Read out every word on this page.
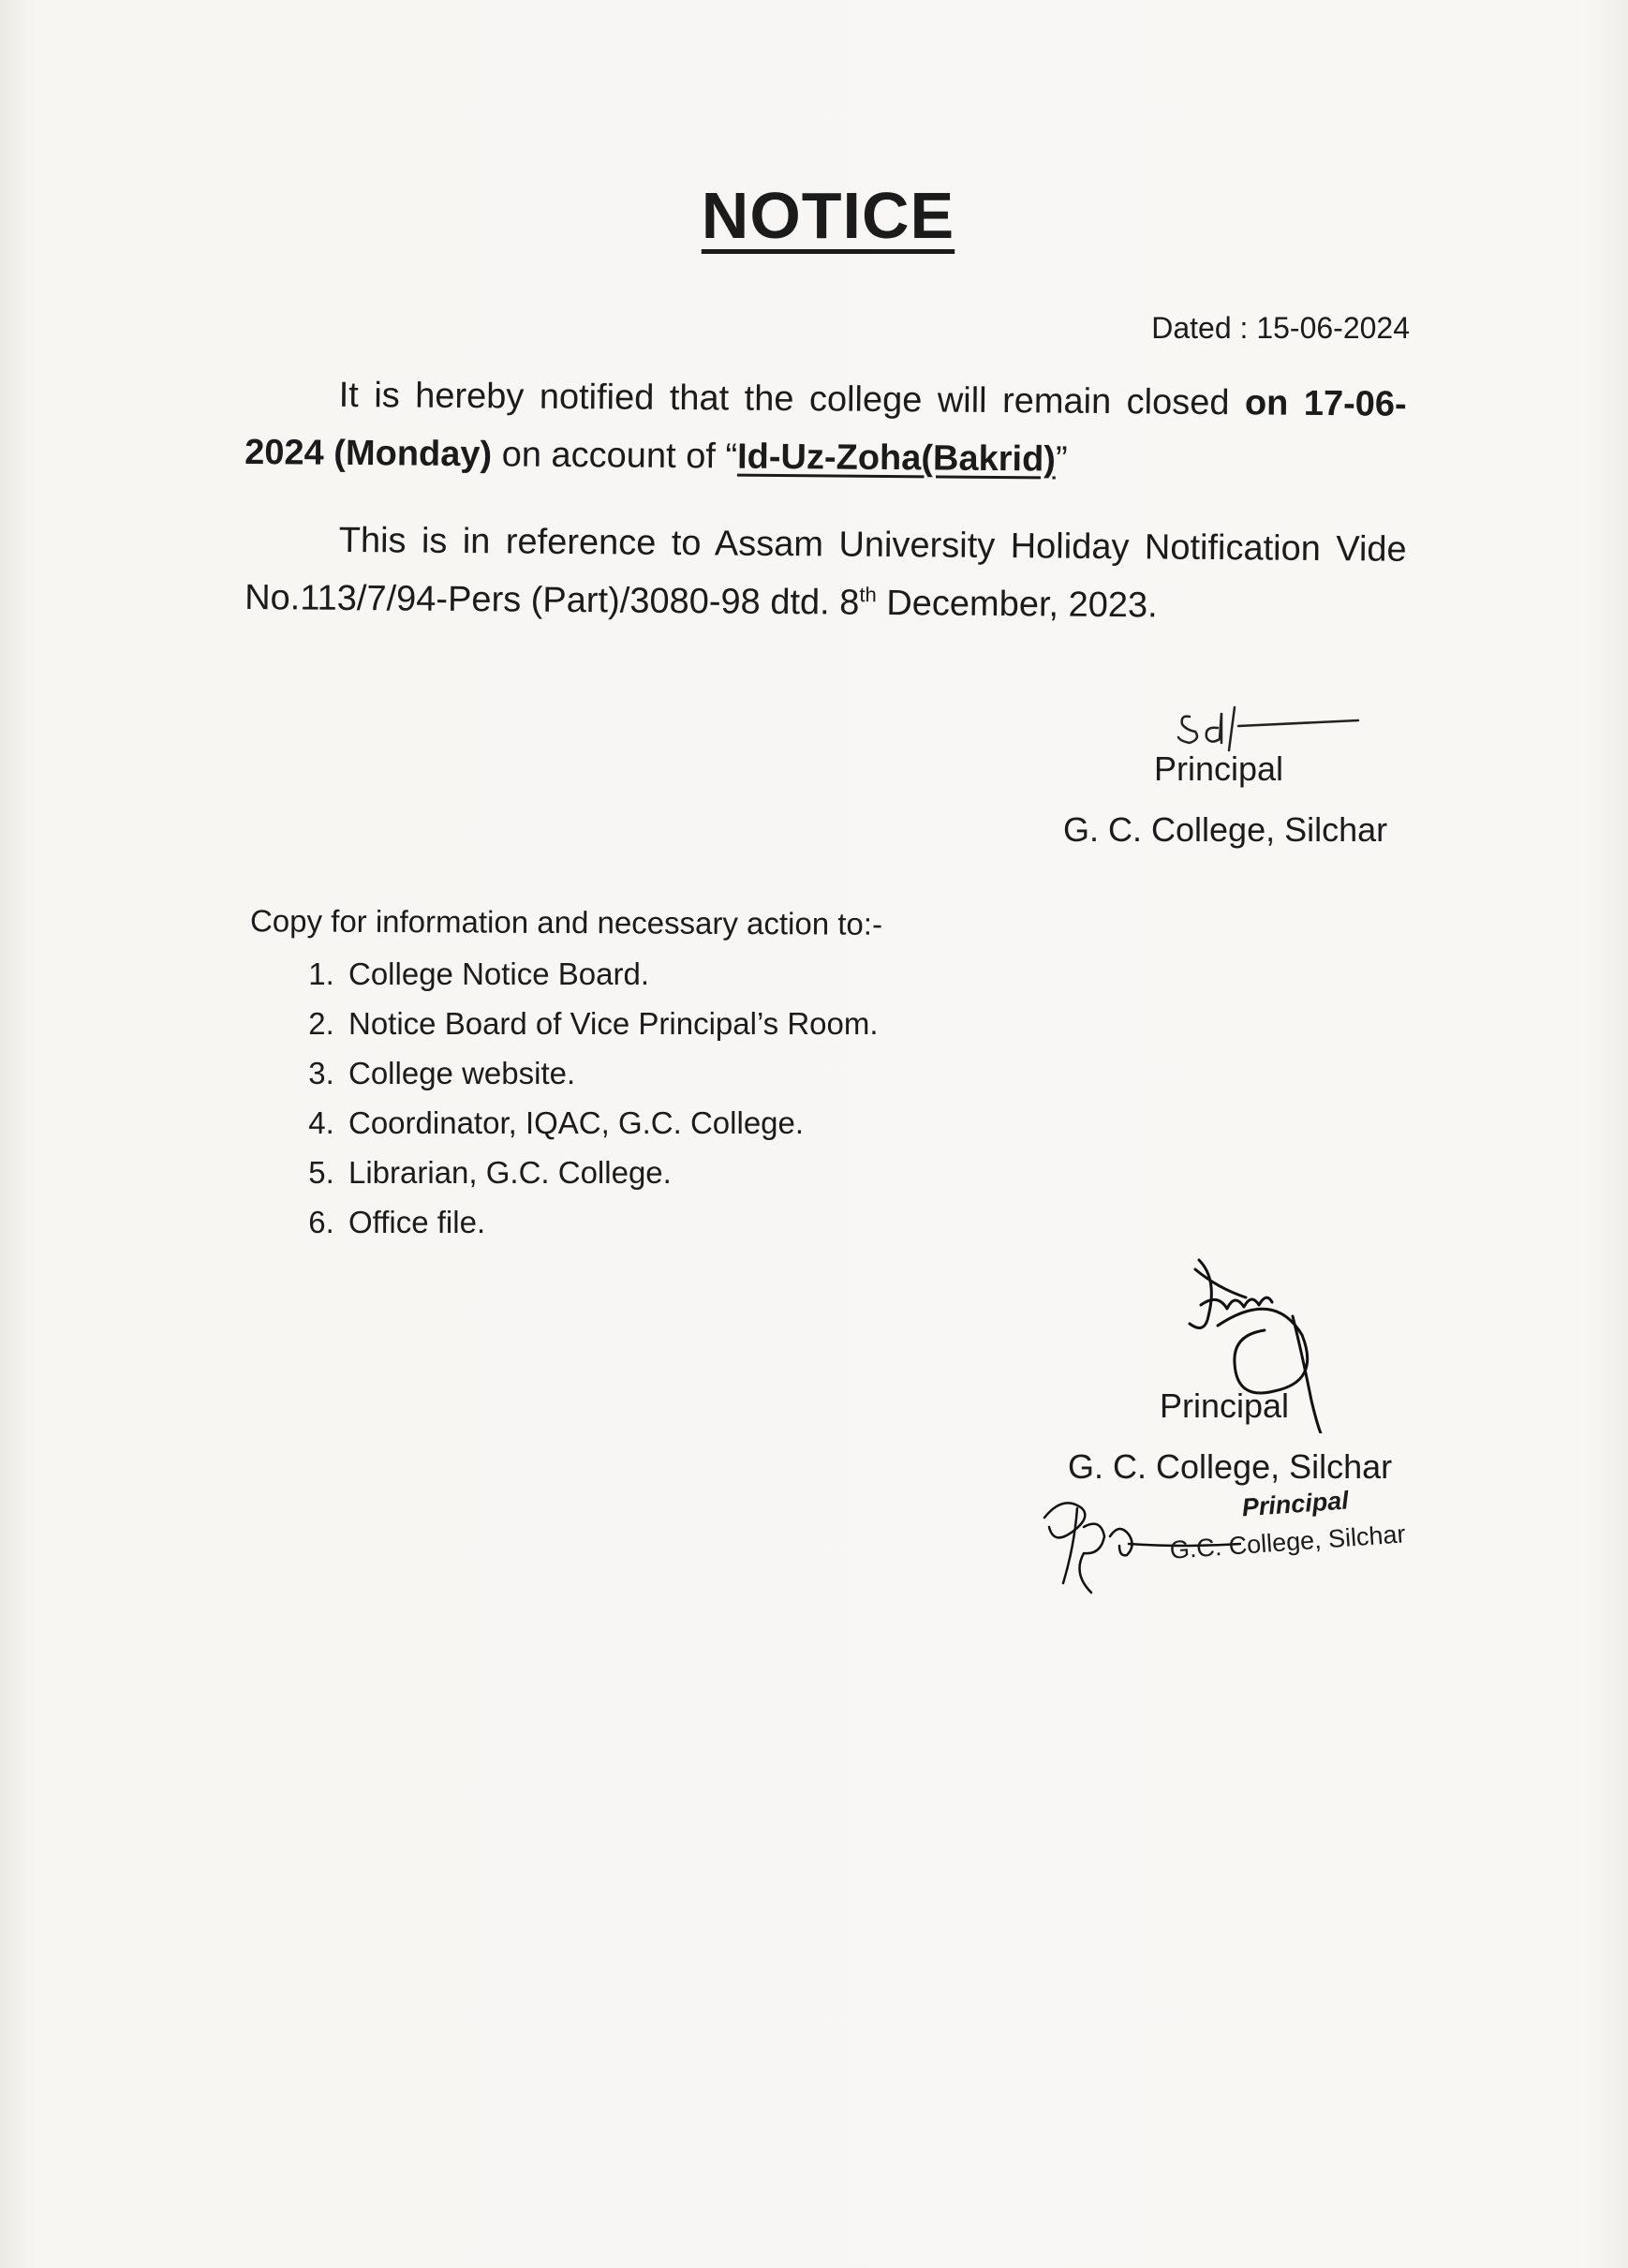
NOTICE
Dated : 15-06-2024
It is hereby notified that the college will remain closed on 17-06-2024 (Monday) on account of “Id-Uz-Zoha(Bakrid)”
This is in reference to Assam University Holiday Notification Vide No.113/7/94-Pers (Part)/3080-98 dtd. 8th December, 2023.
Principal
G. C. College, Silchar
Copy for information and necessary action to:-
1. College Notice Board.
2. Notice Board of Vice Principal’s Room.
3. College website.
4. Coordinator, IQAC, G.C. College.
5. Librarian, G.C. College.
6. Office file.
Principal
G. C. College, Silchar
Principal
G.C. College, Silchar
